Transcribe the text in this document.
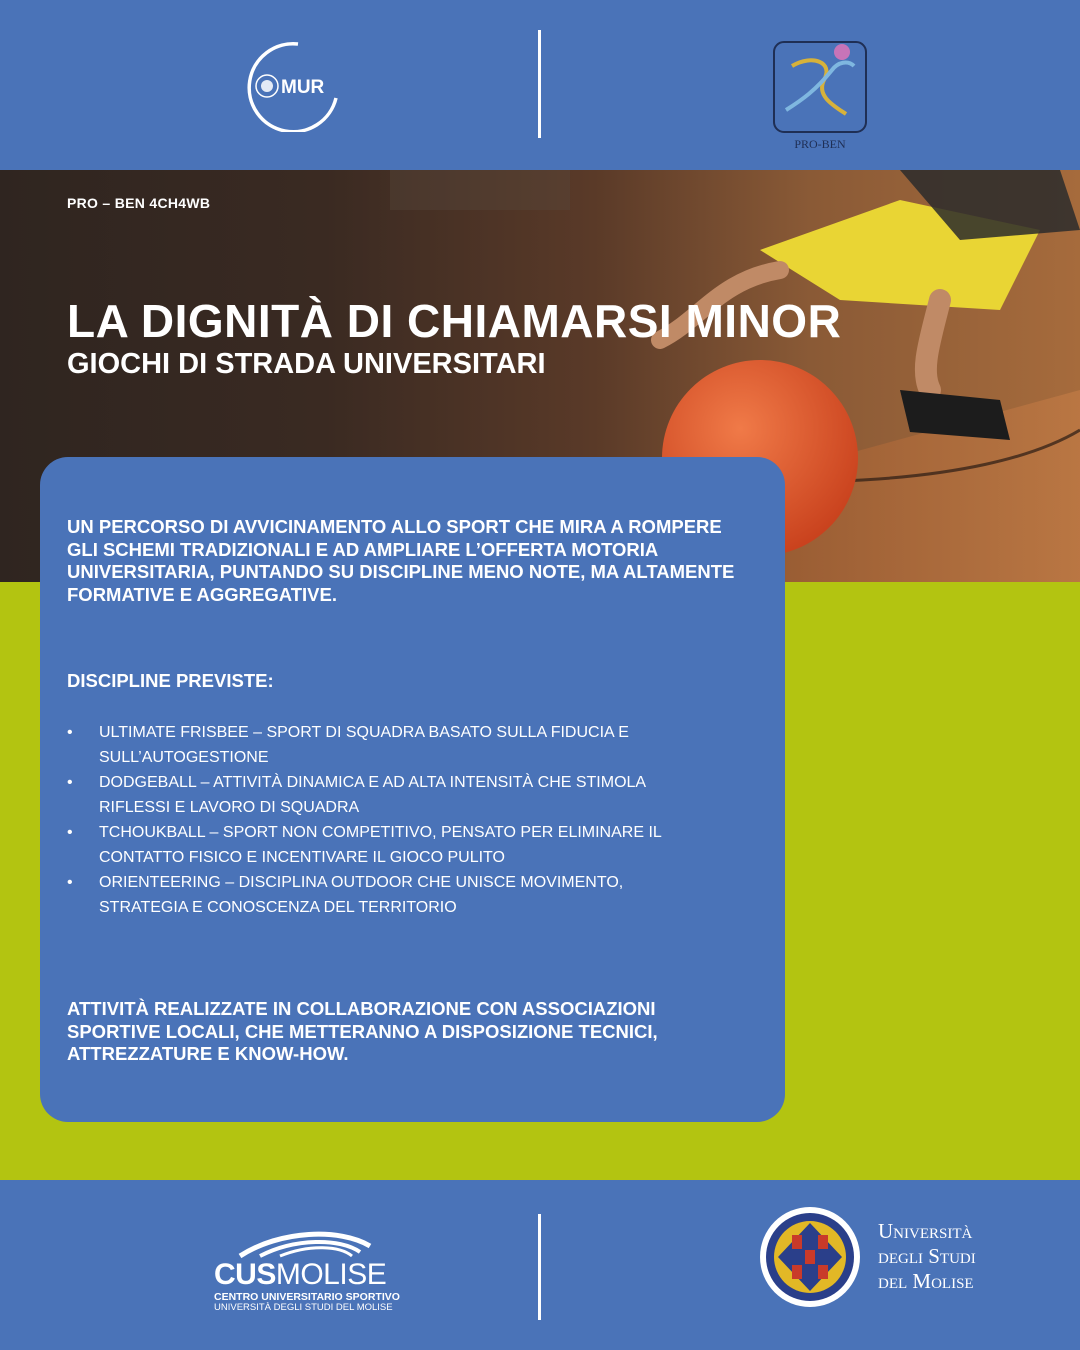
MUR
PRO-BEN
PRO – BEN 4CH4WB
LA DIGNITÀ DI CHIAMARSI MINOR
GIOCHI DI STRADA UNIVERSITARI

UN PERCORSO DI AVVICINAMENTO ALLO SPORT CHE MIRA A ROMPERE GLI SCHEMI TRADIZIONALI E AD AMPLIARE L’OFFERTA MOTORIA UNIVERSITARIA, PUNTANDO SU DISCIPLINE MENO NOTE, MA ALTAMENTE FORMATIVE E AGGREGATIVE.

DISCIPLINE PREVISTE:
• ULTIMATE FRISBEE – SPORT DI SQUADRA BASATO SULLA FIDUCIA E SULL’AUTOGESTIONE
• DODGEBALL – ATTIVITÀ DINAMICA E AD ALTA INTENSITÀ CHE STIMOLA RIFLESSI E LAVORO DI SQUADRA
• TCHOUKBALL – SPORT NON COMPETITIVO, PENSATO PER ELIMINARE IL CONTATTO FISICO E INCENTIVARE IL GIOCO PULITO
• ORIENTEERING – DISCIPLINA OUTDOOR CHE UNISCE MOVIMENTO, STRATEGIA E CONOSCENZA DEL TERRITORIO

ATTIVITÀ REALIZZATE IN COLLABORAZIONE CON ASSOCIAZIONI SPORTIVE LOCALI, CHE METTERANNO A DISPOSIZIONE TECNICI, ATTREZZATURE E KNOW-HOW.

CUSMOLISE
CENTRO UNIVERSITARIO SPORTIVO
UNIVERSITÀ DEGLI STUDI DEL MOLISE
Università
degli Studi
del Molise
